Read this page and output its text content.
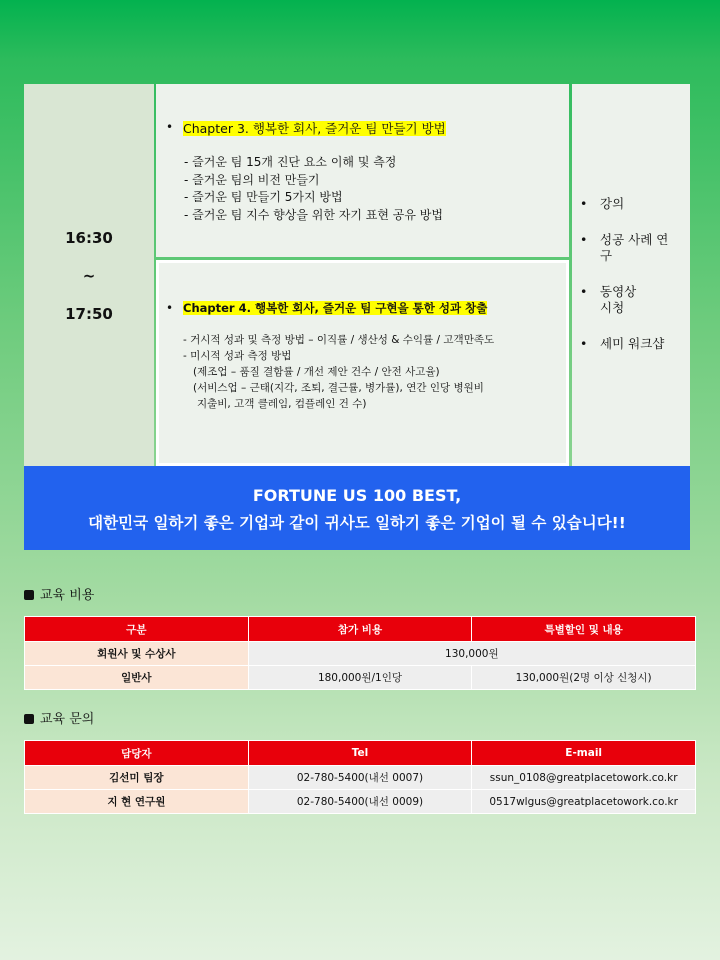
16:30
~
17:50
• Chapter 3. 행복한 회사, 즐거운 팀 만들기 방법
- 즐거운 팀 15개 진단 요소 이해 및 측정
- 즐거운 팀의 비전 만들기
- 즐거운 팀 만들기 5가지 방법
- 즐거운 팀 지수 향상을 위한 자기 표현 공유 방법
• Chapter 4. 행복한 회사, 즐거운 팀 구현을 통한 성과 창출
- 거시적 성과 및 측정 방법 – 이직률 / 생산성 & 수익률 / 고객만족도
- 미시적 성과 측정 방법
(제조업 – 품질 결함률 / 개선 제안 건수 / 안전 사고율)
(서비스업 – 근태(지각, 조퇴, 결근률, 병가률), 연간 인당 병원비
지출비, 고객 클레임, 컴플레인 건 수)
• 강의
• 성공 사례 연구
• 동영상 시청
• 세미 워크샵
FORTUNE US 100 BEST,
대한민국 일하기 좋은 기업과 같이 귀사도 일하기 좋은 기업이 될 수 있습니다!!
교육 비용
구분	참가 비용	특별할인 및 내용
회원사 및 수상사	130,000원	
일반사	180,000원/1인당	130,000원(2명 이상 신청시)
교육 문의
담당자	Tel	E-mail
김선미 팀장	02-780-5400(내선 0007)	ssun_0108@greatplacetowork.co.kr
지 현 연구원	02-780-5400(내선 0009)	0517wlgus@greatplacetowork.co.kr
